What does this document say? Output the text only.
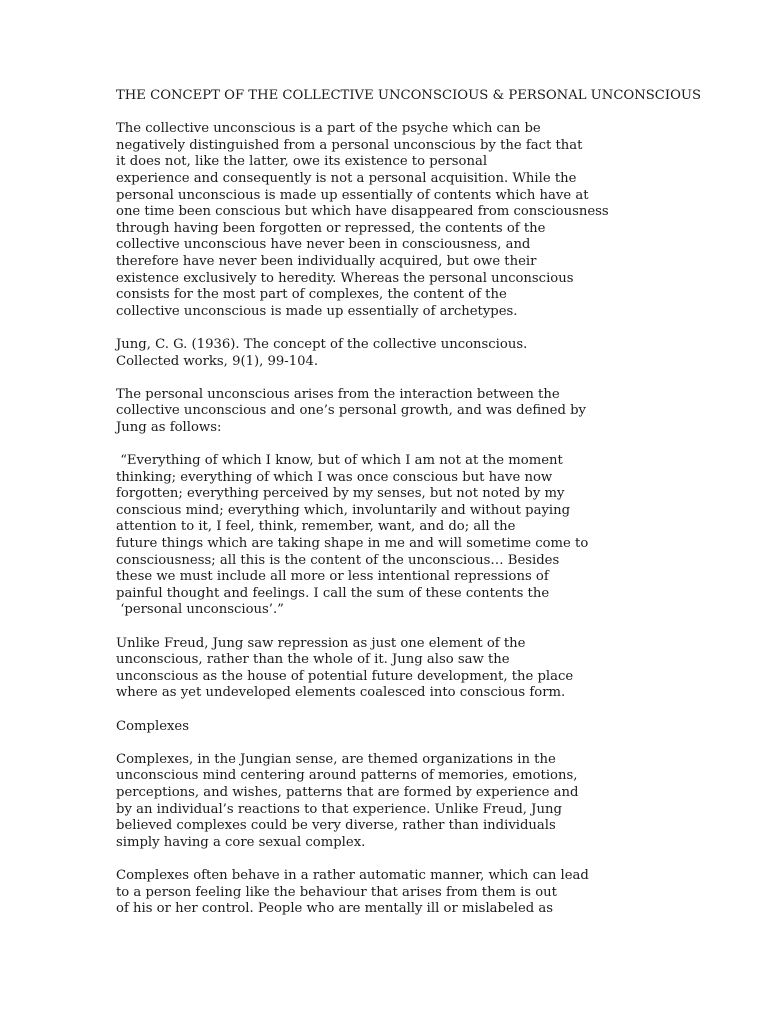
THE CONCEPT OF THE COLLECTIVE UNCONSCIOUS & PERSONAL UNCONSCIOUS
The collective unconscious is a part of the psyche which can be
negatively distinguished from a personal unconscious by the fact that
it does not, like the latter, owe its existence to personal
experience and consequently is not a personal acquisition. While the
personal unconscious is made up essentially of contents which have at
one time been conscious but which have disappeared from consciousness
through having been forgotten or repressed, the contents of the
collective unconscious have never been in consciousness, and
therefore have never been individually acquired, but owe their
existence exclusively to heredity. Whereas the personal unconscious
consists for the most part of complexes, the content of the
collective unconscious is made up essentially of archetypes.
Jung, C. G. (1936). The concept of the collective unconscious.
Collected works, 9(1), 99-104.
The personal unconscious arises from the interaction between the
collective unconscious and one’s personal growth, and was defined by
Jung as follows:
“Everything of which I know, but of which I am not at the moment
thinking; everything of which I was once conscious but have now
forgotten; everything perceived by my senses, but not noted by my
conscious mind; everything which, involuntarily and without paying
attention to it, I feel, think, remember, want, and do; all the
future things which are taking shape in me and will sometime come to
consciousness; all this is the content of the unconscious… Besides
these we must include all more or less intentional repressions of
painful thought and feelings. I call the sum of these contents the
‘personal unconscious’.”
Unlike Freud, Jung saw repression as just one element of the
unconscious, rather than the whole of it. Jung also saw the
unconscious as the house of potential future development, the place
where as yet undeveloped elements coalesced into conscious form.
Complexes
Complexes, in the Jungian sense, are themed organizations in the
unconscious mind centering around patterns of memories, emotions,
perceptions, and wishes, patterns that are formed by experience and
by an individual’s reactions to that experience. Unlike Freud, Jung
believed complexes could be very diverse, rather than individuals
simply having a core sexual complex.
Complexes often behave in a rather automatic manner, which can lead
to a person feeling like the behaviour that arises from them is out
of his or her control. People who are mentally ill or mislabeled as
